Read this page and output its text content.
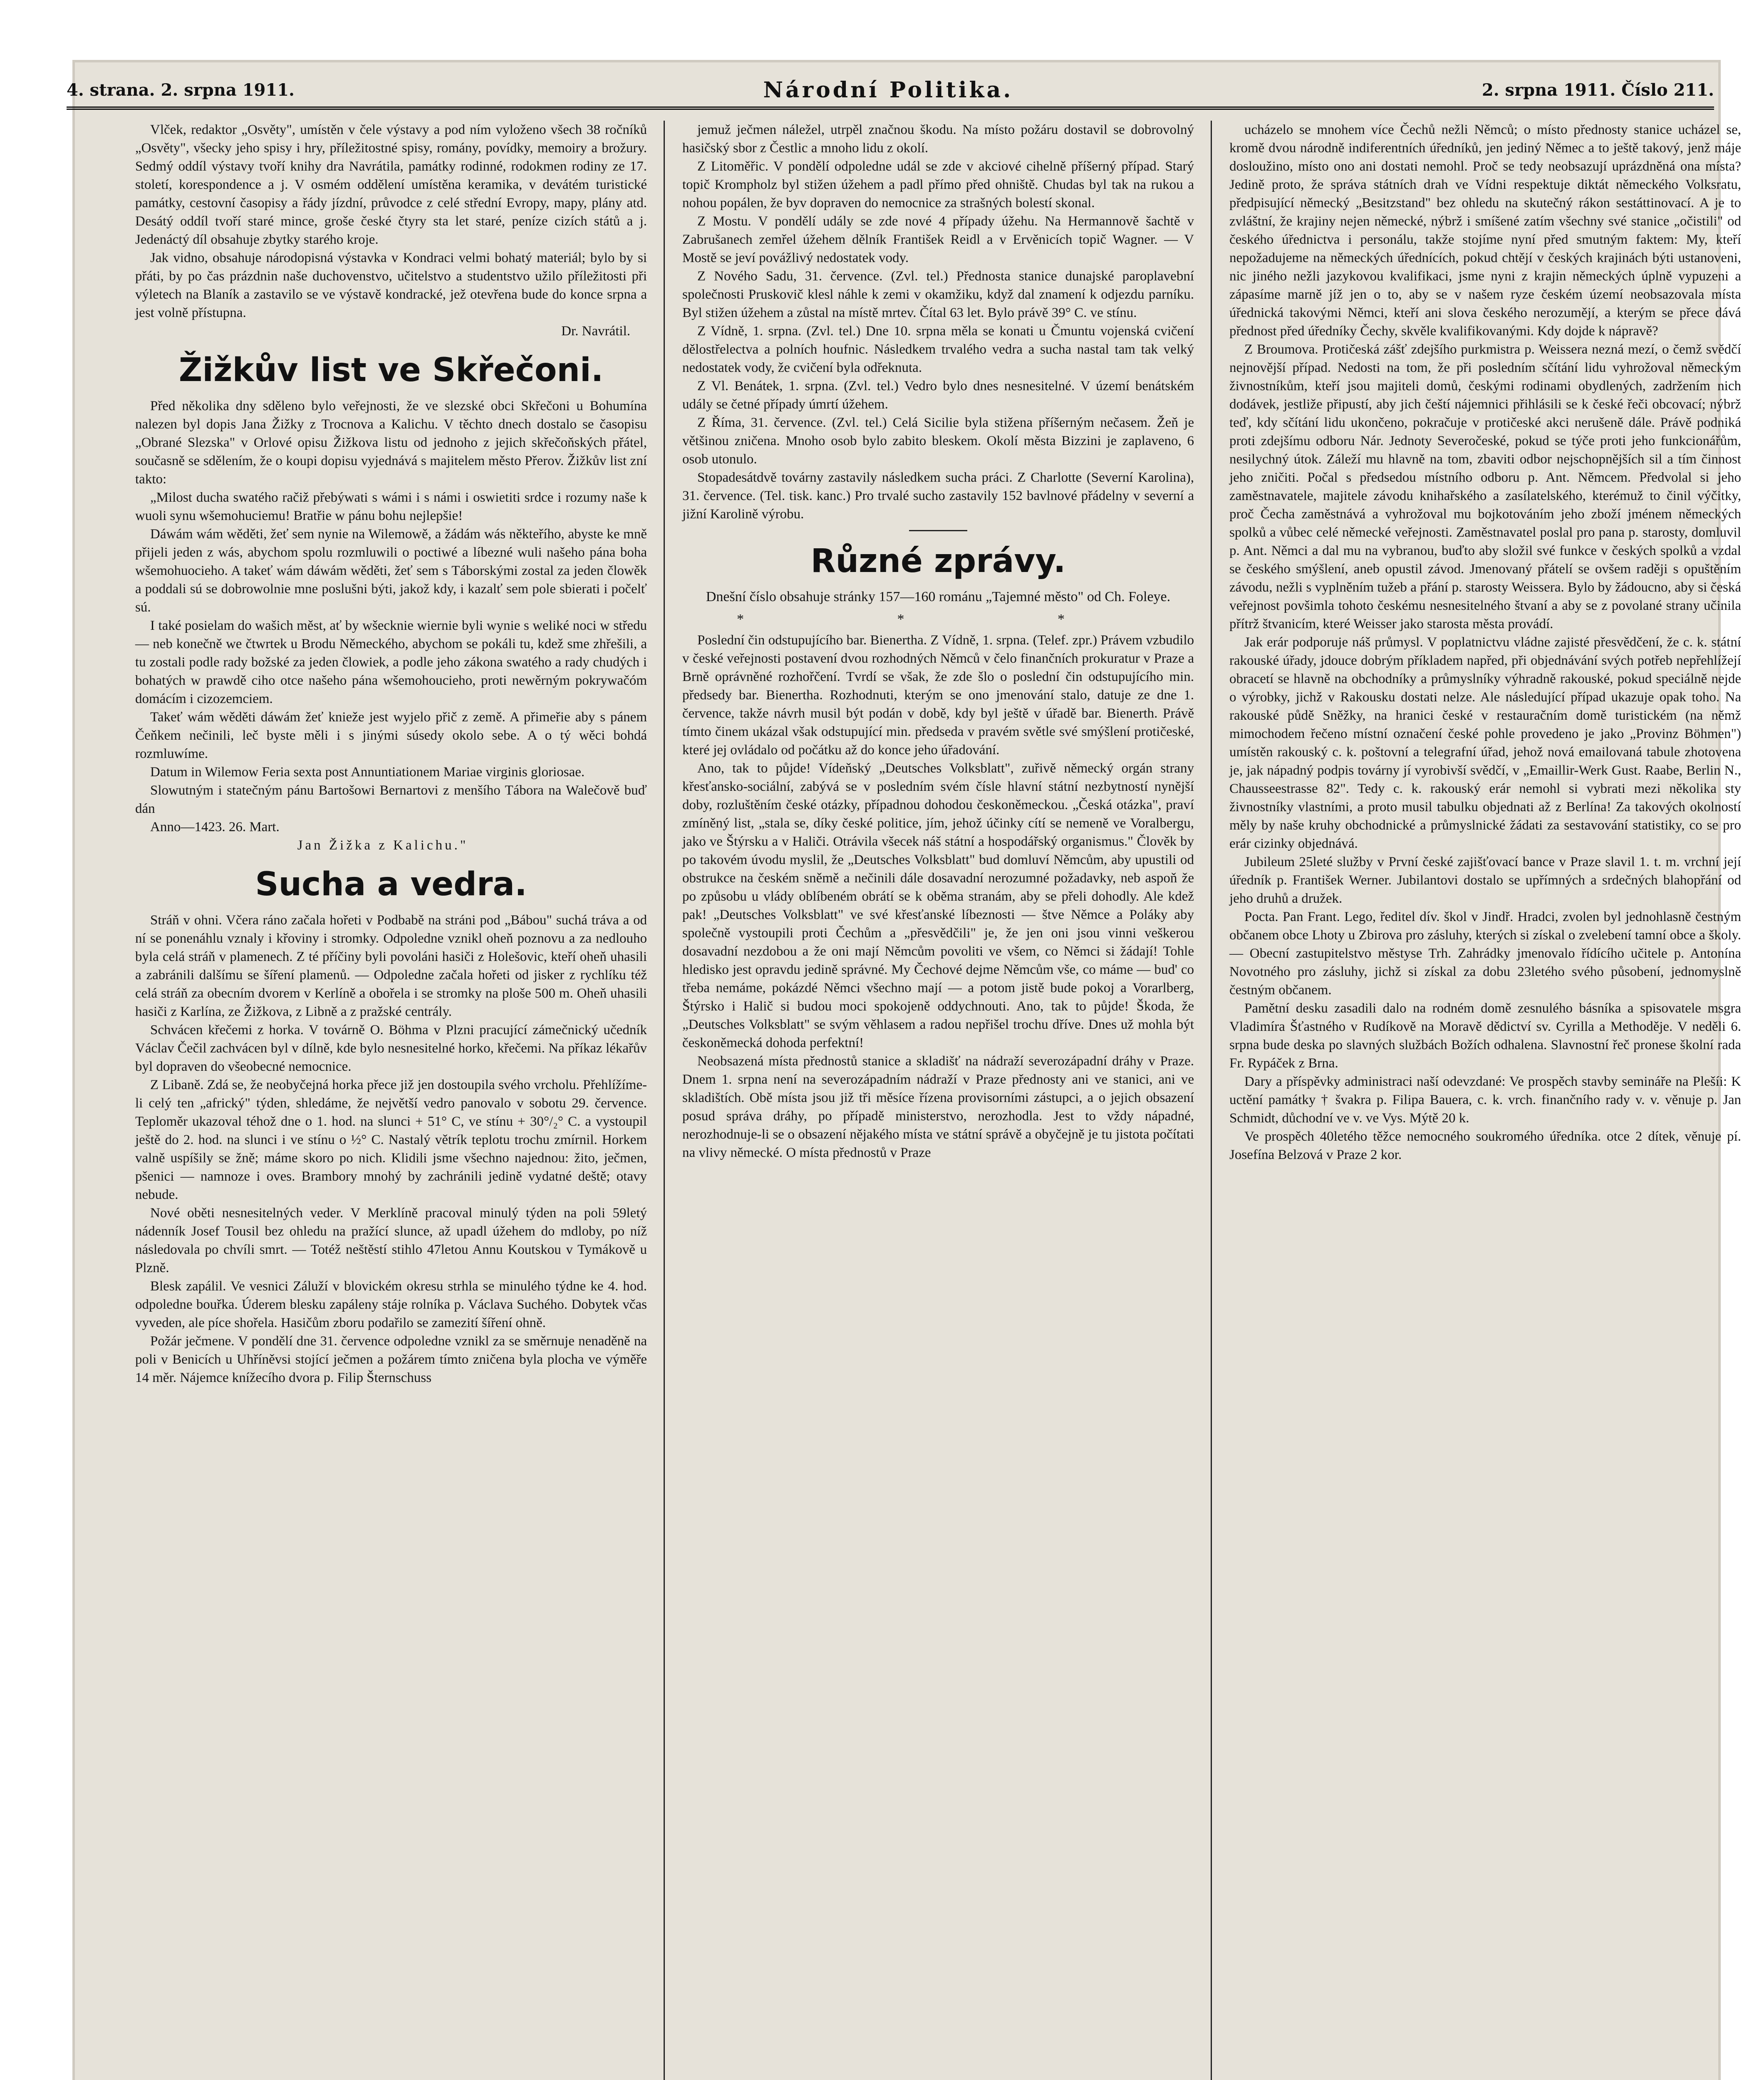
4. strana. 2. srpna 1911.	Národní Politika.	2. srpna 1911. Číslo 211.

Vlček, redaktor „Osvěty", umístěn v čele výstavy a pod ním vyloženo všech 38 ročníků „Osvěty", všecky jeho spisy i hry, příležitostné spisy, romány, povídky, memoiry a brožury. Sedmý oddíl výstavy tvoří knihy dra Navrátila, památky rodinné, rodokmen rodiny ze 17. století, korespondence a j. V osmém oddělení umístěna keramika, v devátém turistické památky, cestovní časopisy a řády jízdní, průvodce z celé střední Evropy, mapy, plány atd. Desátý oddíl tvoří staré mince, groše české čtyry sta let staré, peníze cizích států a j. Jedenáctý díl obsahuje zbytky starého kroje.

Jak vidno, obsahuje národopisná výstavka v Kondraci velmi bohatý materiál; bylo by si přáti, by po čas prázdnin naše duchovenstvo, učitelstvo a studentstvo užilo příležitosti při výletech na Blaník a zastavilo se ve výstavě kondracké, jež otevřena bude do konce srpna a jest volně přístupna.

Dr. Navrátil.
Žižkův list ve Skřečoni.

Před několika dny sdělenо bylo veřejnosti, že ve slezské obci Skřečoni u Bohumína nalezen byl dopis Jana Žižky z Trocnova a Kalichu. V těchto dnech dostalo se časopisu „Obrané Slezska" v Orlové opisu Žižkova listu od jednoho z jejich skřečoňských přátel, současně se sdělením, že o koupi dopisu vyjednává s majitelem město Přerov. Žižkův list zní takto:

„Milost ducha swatého račiž přebýwati s wámi i s námi i oswietiti srdce i rozumy naše k wuoli synu wšemohuciemu! Bratřie w pánu bohu nejlepšie!

Dáwám wám wěděti, žeť sem nynie na Wilemowě, a žádám wás někteřího, abyste ke mně přijeli jeden z wás, abychom spolu rozmluwili o poctiwé a líbezné wuli našeho pána boha wšemohuocieho. A takeť wám dáwám wěděti, žeť sem s Táborskými zostal za jeden člowěk a poddali sú se dobrowolnie mne poslušni býti, jakož kdy, i kazalť sem pole sbierati i počelť sú.

I také posielam do wašich měst, ať by wšecknie wiernie byli wynie s weliké noci w středu — neb konečně we čtwrtek u Brodu Německého, abychom se pokáli tu, kdež sme zhřešili, a tu zostali podle rady božské za jeden člowiek, a podle jeho zákona swatého a rady chudých i bohatých w prawdě ciho otce našeho pána wšemohoucieho, proti newěrným pokrywačóm domácím i cizozemciem.

Takeť wám wěděti dáwám žeť knieže jest wyjelo přič z země. A přimeřie aby s pánem Čeňkem nečinili, leč byste měli i s jinými súsedy okolo sebe. A o tý wěci bohdá rozmluwíme.

Datum in Wilemow Feria sexta post Annuntiationem Mariae virginis gloriosae.

Slowutným i statečným pánu Bartošowi Bernartovi z menšího Tábora na Walečově buď dán

Anno—1423. 26. Mart.

Jan Žižka z Kalichu."
Sucha a vedra.

Stráň v ohni. Včera ráno začala hořeti v Podbabě na stráni pod „Bábou" suchá tráva a od ní se ponenáhlu vznaly i křoviny i stromky. Odpoledne vznikl oheň poznovu a za nedlouho byla celá stráň v plamenech. Z té příčiny byli povoláni hasiči z Holešovic, kteří oheň uhasili a zabránili dalšímu se šíření plamenů. — Odpoledne začala hořeti od jisker z rychlíku též celá stráň za obecním dvorem v Kerlíně a obořela i se stromky na ploše 500 m. Oheň uhasili hasiči z Karlína, ze Žižkova, z Libně a z pražské centrály.

Schvácen křečemi z horka. V továrně O. Böhma v Plzni pracující zámečnický učedník Václav Čečil zachvácen byl v dílně, kde bylo nesnesitelné horko, křečemi. Na příkaz lékařův byl dopraven do všeobecné nemocnice.

Z Libaně. Zdá se, že neobyčejná horka přece již jen dostoupila svého vrcholu. Přehlížíme-li celý ten „africký" týden, shledáme, že největší vedro panovalo v sobotu 29. července. Teploměr ukazoval téhož dne o 1. hod. na slunci + 51° C, ve stínu + 30°/₂° C. a vystoupil ještě do 2. hod. na slunci i ve stínu o ½° C. Nastalý větrík teplotu trochu zmírnil. Horkem valně uspíšily se žně; máme skoro po nich. Klidili jsme všechno najednou: žito, ječmen, pšenici — namnoze i oves. Brambory mnohý by zachránili jedině vydatné deště; otavy nebude.

Nové oběti nesnesitelných veder. V Merklíně pracoval minulý týden na poli 59letý nádenník Josef Tousil bez ohledu na pražící slunce, až upadl úžehem do mdloby, po níž následovala po chvíli smrt. — Totéž neštěstí stihlo 47letou Annu Koutskou v Tymákově u Plzně.

Blesk zapálil. Ve vesnici Záluží v blovickém okresu strhla se minulého týdne ke 4. hod. odpoledne bouřka. Úderem blesku zapáleny stáje rolníka p. Václava Suchého. Dobytek včas vyveden, ale píce shořela. Hasičům zboru podařilo se zamezití šíření ohně.

Požár ječmene. V pondělí dne 31. července odpoledne vznikl za se směrnuje nenaděně na poli v Benicích u Uhříněvsi stojící ječmen a požárem tímto zničena byla plocha ve výměře 14 měr. Nájemce knížecího dvora p. Filip Šternschuss

jemuž ječmen náležel, utrpěl značnou škodu. Na místo požáru dostavil se dobrovolný hasičský sbor z Čestlic a mnoho lidu z okolí.

Z Litoměřic. V pondělí odpoledne udál se zde v akciové cihelně příšerný případ. Starý topič Krompholz byl stižen úžehem a padl přímo před ohniště. Chudas byl tak na rukou a nohou popálen, že byv dopraven do nemocnice za strašných bolestí skonal.

Z Mostu. V pondělí udály se zde nové 4 případy úžehu. Na Hermannově šachtě v Zabrušanech zemřel úžehem dělník František Reidl a v Ervěnicích topič Wagner. — V Mostě se jeví povážlivý nedostatek vody.

Z Nového Sadu, 31. července. (Zvl. tel.) Přednosta stanice dunajské paroplavební společnosti Pruskovič klesl náhle k zemi v okamžiku, když dal znamení k odjezdu parníku. Byl stižen úžehem a zůstal na místě mrtev. Čítal 63 let. Bylo právě 39° C. ve stínu.

Z Vídně, 1. srpna. (Zvl. tel.) Dne 10. srpna měla se konati u Čmuntu vojenská cvičení dělostřelectva a polních houfnic. Následkem trvalého vedra a sucha nastal tam tak velký nedostatek vody, že cvičení byla odřeknuta.

Z Vl. Benátek, 1. srpna. (Zvl. tel.) Vedro bylo dnes nesnesitelné. V území benátském udály se četné případy úmrtí úžehem.

Z Říma, 31. července. (Zvl. tel.) Celá Sicilie byla stižena příšerným nečasem. Žeň je většinou zničena. Mnoho osob bylo zabito bleskem. Okolí města Bizzini je zaplaveno, 6 osob utonulo.

Stopadesátdvě továrny zastavily následkem sucha práci. Z Charlotte (Severní Karolina), 31. července. (Tel. tisk. kanc.) Pro trvalé sucho zastavily 152 bavlnové přádelny v severní a jižní Karolině výrobu.

Různé zprávy.
Dnešní číslo obsahuje stránky 157—160 románu „Tajemné město" od Ch. Foleye.
* * *

Poslední čin odstupujícího bar. Bienertha. Z Vídně, 1. srpna. (Telef. zpr.) Právem vzbudilo v české veřejnosti postavení dvou rozhodných Němců v čelo finančních prokuratur v Praze a Brně oprávněné rozhořčení. Tvrdí se však, že zde šlo o poslední čin odstupujícího min. předsedy bar. Bienertha. Rozhodnuti, kterým se ono jmenování stalo, datuje ze dne 1. července, takže návrh musil být podán v době, kdy byl ještě v úřadě bar. Bienerth. Právě tímto činem ukázal však odstupující min. předseda v pravém světle své smýšlení protičeské, které jej ovládalo od počátku až do konce jeho úřadování.

Ano, tak to půjde! Vídeňský „Deutsches Volksblatt", zuřivě německý orgán strany křesťansko-sociální, zabývá se v posledním svém čísle hlavní státní nezbytností nynější doby, rozluštěním české otázky, případnou dohodou českoněmeckou. „Česká otázka", praví zmíněný list, „stala se, díky české politice, jím, jehož účinky cítí se nemeně ve Voralbergu, jako ve Štýrsku a v Haliči. Otrávila všecek náš státní a hospodářský organismus." Člověk by po takovém úvodu myslil, že „Deutsches Volksblatt" bud domluví Němcům, aby upustili od obstrukce na českém sněmě a nečinili dále dosavadní nerozumné požadavky, neb aspoň že po způsobu u vlády oblíbeném obrátí se k oběma stranám, aby se přeli dohodly. Ale kdež pak! „Deutsches Volksblatt" ve své křesťanské líbeznosti — štve Němce a Poláky aby společně vystoupili proti Čechům a „přesvědčili" je, že jen oni jsou vinni veškerou dosavadní nezdobou a že oni mají Němcům povoliti ve všem, co Němci si žádají! Tohle hledisko jest opravdu jedině správné. My Čechové dejme Němcům vše, co máme — bud' co třeba nemáme, pokázdé Němci všechno mají — a potom jistě bude pokoj a Vorarlberg, Štýrsko i Halič si budou moci spokojeně oddychnouti. Ano, tak to půjde! Škoda, že „Deutsches Volksblatt" se svým věhlasem a radou nepřišel trochu dříve. Dnes už mohla být českoněmecká dohoda perfektní!

Neobsazená místa přednostů stanice a skladišť na nádraží severozápadní dráhy v Praze. Dnem 1. srpna není na severozápadním nádraží v Praze přednosty ani ve stanici, ani ve skladištích. Obě místa jsou již tři měsíce řízena provisorními zástupci, a o jejich obsazení posud správa dráhy, po případě ministerstvo, nerozhodla. Jest to vždy nápadné, nerozhodnuje-li se o obsazení nějakého místa ve státní správě a obyčejně je tu jistota počítati na vlivy německé. O místa přednostů v Praze

ucházelo se mnohem více Čechů nežli Němců; o místo přednosty stanice ucházel se, kromě dvou národně indiferentních úředníků, jen jediný Němec a to ještě takový, jenž máje dosloužino, místo ono ani dostati nemohl. Proč se tedy neobsazují uprázdněná ona místa? Jedině proto, že správa státních drah ve Vídni respektuje diktát německého Volksratu, předpisující německý „Besitzstand" bez ohledu na skutečný rákon sestáttinovací. A je to zvláštní, že krajiny nejen německé, nýbrž i smíšené zatím všechny své stanice „očistili" od českého úřednictva i personálu, takže stojíme nyní před smutným faktem: My, kteří nepožadujeme na německých úřednících, pokud chtějí v českých krajinách býti ustanoveni, nic jiného nežli jazykovou kvalifikaci, jsme nyni z krajin německých úplně vypuzeni a zápasíme marně jíž jen o to, aby se v našem ryze českém území neobsazovala místa úřednická takovými Němci, kteří ani slova českého nerozumějí, a kterým se přece dává přednost před úředníky Čechy, skvěle kvalifikovanými. Kdy dojde k nápravě?

Z Broumova. Protičeská zášť zdejšího purkmistra p. Weissera nezná mezí, o čemž svědčí nejnovější případ. Nedosti na tom, že při posledním sčítání lidu vyhrožoval německým živnostníkům, kteří jsou majiteli domů, českými rodinami obydlených, zadržením nich dodávek, jestliže připustí, aby jich čeští nájemnici přihlásili se k české řeči obcovací; nýbrž teď, kdy sčítání lidu ukončeno, pokračuje v protičeské akci nerušeně dále. Právě podniká proti zdejšímu odboru Nár. Jednoty Severočeské, pokud se týče proti jeho funkcionářům, nesilychný útok. Záleží mu hlavně na tom, zbaviti odbor nejschopnějších sil a tím činnost jeho zničiti. Počal s předsedou místního odboru p. Ant. Němcem. Předvolal si jeho zaměstnavatele, majitele závodu knihařského a zasílatelského, kterémuž to činil výčitky, proč Čecha zaměstnává a vyhrožoval mu bojkotováním jeho zboží jménem německých spolků a vůbec celé německé veřejnosti. Zaměstnavatel poslal pro pana p. starosty, domluvil p. Ant. Němci a dal mu na vybranou, buďto aby složil své funkce v českých spolků a vzdal se českého smýšlení, aneb opustil závod. Jmenovaný přátelí se ovšem raději s opuštěním závodu, nežli s vyplněním tužeb a přání p. starosty Weissera. Bylo by žádoucno, aby si česká veřejnost povšimla tohoto českému nesnesitelného štvaní a aby se z povolané strany učinila přítrž štvanicím, které Weisser jako starosta města provádí.

Jak erár podporuje náš průmysl. V poplatnictvu vládne zajisté přesvědčení, že c. k. státní rakouské úřady, jdouce dobrým příkladem napřed, při objednávání svých potřeb nepřehlížejí obracetí se hlavně na obchodníky a průmyslníky výhradně rakouské, pokud speciálně nejde o výrobky, jichž v Rakousku dostati nelze. Ale následující případ ukazuje opak toho. Na rakouské půdě Sněžky, na hranici české v restauračním domě turistickém (na němž mimochodem řečeno místní označení české pohle provedeno je jako „Provinz Böhmen") umístěn rakouský c. k. poštovní a telegrafní úřad, jehož nová emailovaná tabule zhotovena je, jak nápadný podpis továrny jí vyrobivší svědčí, v „Emaillir-Werk Gust. Raabe, Berlin N., Chausseestrasse 82". Tedy c. k. rakouský erár nemohl si vybrati mezi několika sty živnostníky vlastními, a proto musil tabulku objednati až z Berlína! Za takových okolností měly by naše kruhy obchodnické a průmyslnické žádati za sestavování statistiky, co se pro erár cizinky objednává.

Jubileum 25leté služby v První české zajišťovací bance v Praze slavil 1. t. m. vrchní její úředník p. František Werner. Jubilantovi dostalo se upřímných a srdečných blahopřání od jeho druhů a družek.

Pocta. Pan Frant. Lego, ředitel dív. škol v Jindř. Hradci, zvolen byl jednohlasně čestným občanem obce Lhoty u Zbirova pro zásluhy, kterých si získal o zvelebení tamní obce a školy. — Obecní zastupitelstvo městyse Trh. Zahrádky jmenovalo řídícího učitele p. Antonína Novotného pro zásluhy, jichž si získal za dobu 23letého svého působení, jednomyslně čestným občanem.

Pamětní desku zasadili dalo na rodném domě zesnulého básníka a spisovatele msgra Vladimíra Šťastného v Rudíkově na Moravě dědictví sv. Cyrilla a Methoděje. V neděli 6. srpna bude deska po slavných službách Božích odhalena. Slavnostní řeč pronese školní rada Fr. Rypáček z Brna.

Dary a příspěvky administraci naší odevzdané: Ve prospěch stavby semináře na Plešíi: K uctění památky † švakra p. Filipa Bauera, c. k. vrch. finančního rady v. v. věnuje p. Jan Schmidt, důchodní ve v. ve Vys. Mýtě 20 k.

Ve prospěch 40letého těžce nemocného soukromého úředníka. otce 2 dítek, věnuje pí. Josefína Belzová v Praze 2 kor.
